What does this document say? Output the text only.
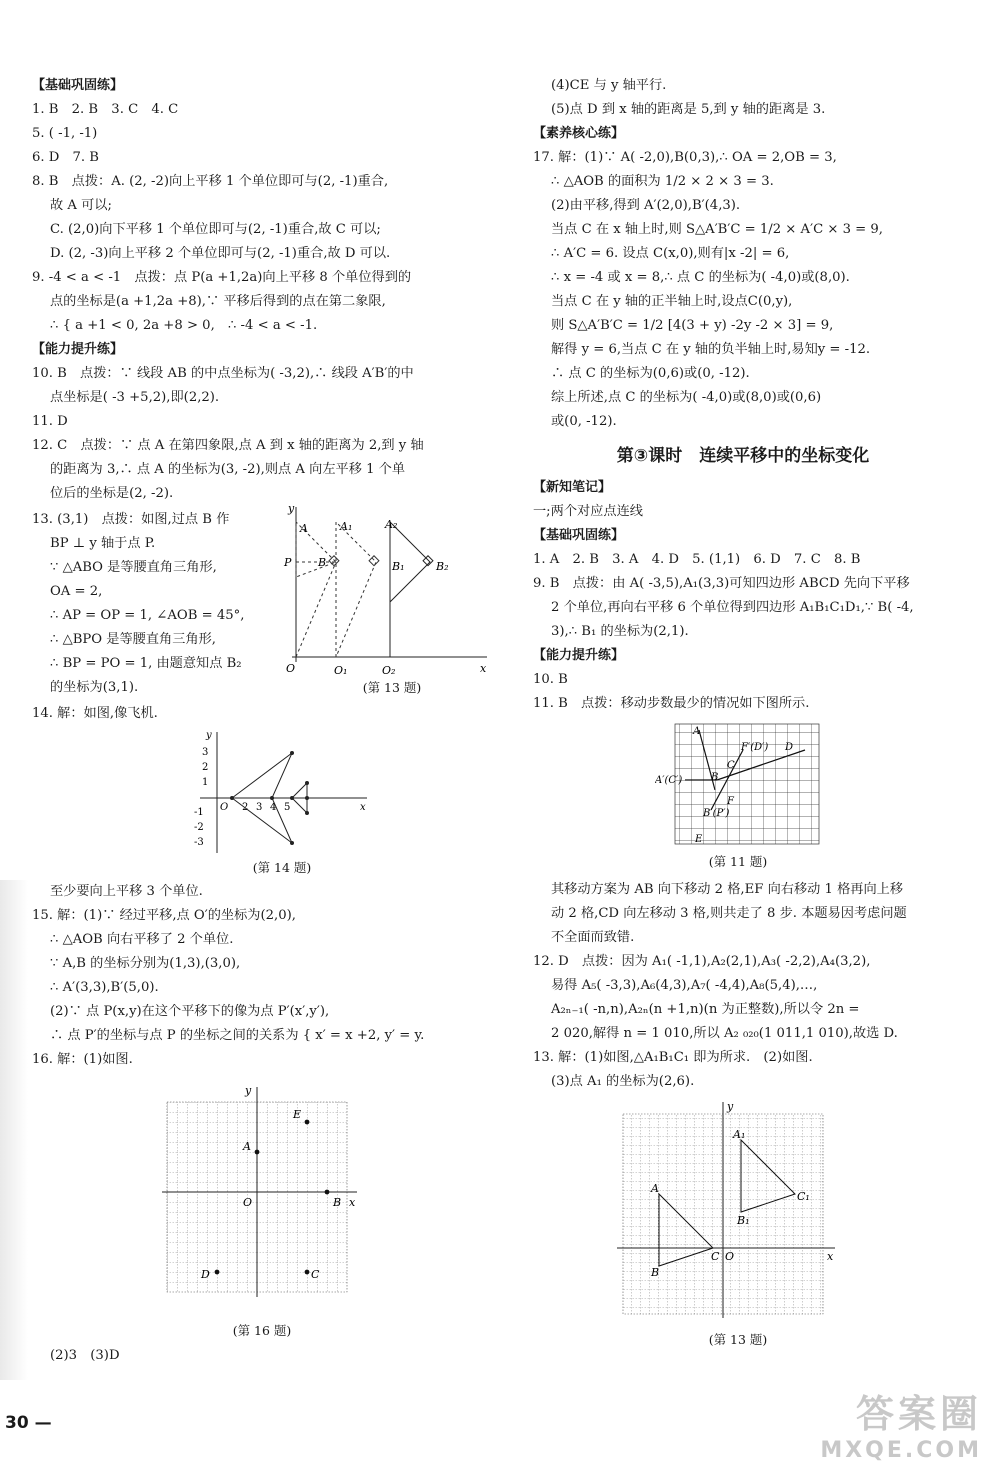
【基础巩固练】
1. B　2. B　3. C　4. C
5. ( -1, -1)
6. D　7. B
8. B　点拨：A. (2, -2)向上平移 1 个单位即可与(2, -1)重合,
故 A 可以;
C. (2,0)向下平移 1 个单位即可与(2, -1)重合,故 C 可以;
D. (2, -3)向上平移 2 个单位即可与(2, -1)重合,故 D 可以.
9. -4 < a < -1　点拨：点 P(a +1,2a)向上平移 8 个单位得到的
点的坐标是(a +1,2a +8),∵ 平移后得到的点在第二象限,
∴ { a +1 < 0, 2a +8 > 0,　∴ -4 < a < -1.
【能力提升练】
10. B　点拨：∵ 线段 AB 的中点坐标为( -3,2),∴ 线段 A′B′的中
点坐标是( -3 +5,2),即(2,2).
11. D
12. C　点拨：∵ 点 A 在第四象限,点 A 到 x 轴的距离为 2,到 y 轴
的距离为 3,∴ 点 A 的坐标为(3, -2),则点 A 向左平移 1 个单
位后的坐标是(2, -2).
13. (3,1)　点拨：如图,过点 B 作
BP ⊥ y 轴于点 P.
∵ △ABO 是等腰直角三角形,
OA = 2,
∴ AP = OP = 1, ∠AOB = 45°,
∴ △BPO 是等腰直角三角形,
∴ BP = PO = 1, 由题意知点 B₂
的坐标为(3,1).
y
x
O
A	A₁	A₂
P B	B₁	B₂
O₁	O₂
(第 13 题)
14. 解：如图,像飞机.
y
x
3
2
1
-1
-2
-3
O 2 3 4 5
(第 14 题)
至少要向上平移 3 个单位.
15. 解：(1)∵ 经过平移,点 O′的坐标为(2,0),
∴ △AOB 向右平移了 2 个单位.
∵ A,B 的坐标分别为(1,3),(3,0),
∴ A′(3,3),B′(5,0).
(2)∵ 点 P(x,y)在这个平移下的像为点 P′(x′,y′),
∴ 点 P′的坐标与点 P 的坐标之间的关系为 { x′ = x +2, y′ = y.
16. 解：(1)如图.
y
x
O
A
E
B
D	C
(第 16 题)
(2)3　(3)D
(4)CE 与 y 轴平行.
(5)点 D 到 x 轴的距离是 5,到 y 轴的距离是 3.
【素养核心练】
17. 解：(1)∵ A( -2,0),B(0,3),∴ OA = 2,OB = 3,
∴ △AOB 的面积为 1/2 × 2 × 3 = 3.
(2)由平移,得到 A′(2,0),B′(4,3).
当点 C 在 x 轴上时,则 S△A′B′C = 1/2 × A′C × 3 = 9,
∴ A′C = 6. 设点 C(x,0),则有|x -2| = 6,
∴ x = -4 或 x = 8,∴ 点 C 的坐标为( -4,0)或(8,0).
当点 C 在 y 轴的正半轴上时,设点C(0,y),
则 S△A′B′C = 1/2 [4(3 + y) -2y -2 × 3] = 9,
解得 y = 6,当点 C 在 y 轴的负半轴上时,易知y = -12.
∴ 点 C 的坐标为(0,6)或(0, -12).
综上所述,点 C 的坐标为( -4,0)或(8,0)或(0,6)
或(0, -12).
第③课时　连续平移中的坐标变化
【新知笔记】
一;两个对应点连线
【基础巩固练】
1. A　2. B　3. A　4. D　5. (1,1)　6. D　7. C　8. B
9. B　点拨：由 A( -3,5),A₁(3,3)可知四边形 ABCD 先向下平移
2 个单位,再向右平移 6 个单位得到四边形 A₁B₁C₁D₁,∵ B( -4,
3),∴ B₁ 的坐标为(2,1).
【能力提升练】
10. B
11. B　点拨：移动步数最少的情况如下图所示.
A
B
A′(C′)
C
F′(D′) D
F
B′(P′)
E
(第 11 题)
其移动方案为 AB 向下移动 2 格,EF 向右移动 1 格再向上移
动 2 格,CD 向左移动 3 格,则共走了 8 步. 本题易因考虑问题
不全面而致错.
12. D　点拨：因为 A₁( -1,1),A₂(2,1),A₃( -2,2),A₄(3,2),
易得 A₅( -3,3),A₆(4,3),A₇( -4,4),A₈(5,4),…,
A₂ₙ₋₁( -n,n),A₂ₙ(n +1,n)(n 为正整数),所以令 2n =
2 020,解得 n = 1 010,所以 A₂ ₀₂₀(1 011,1 010),故选 D.
13. 解：(1)如图,△A₁B₁C₁ 即为所求.　(2)如图.
(3)点 A₁ 的坐标为(2,6).
y
x
O
A
B
C
A₁
B₁
C₁
(第 13 题)
30 —	答案圈
MXQE.COM
